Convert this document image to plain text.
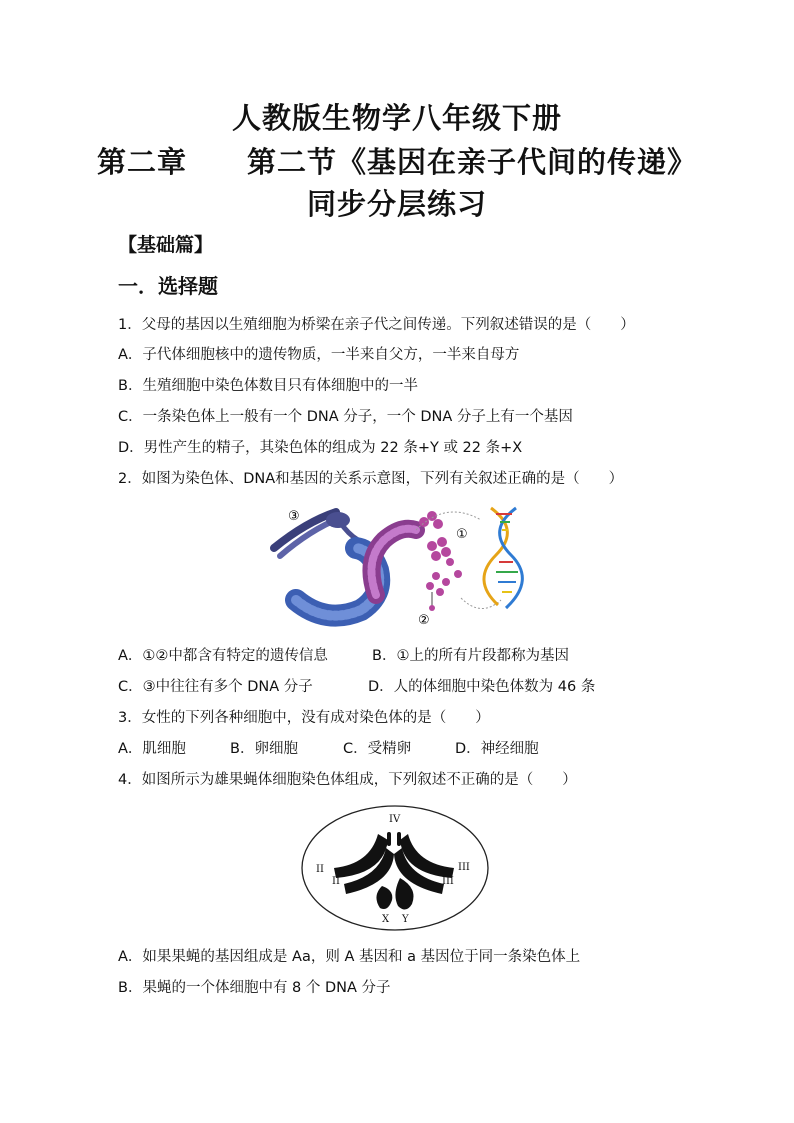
人教版生物学八年级下册
第二章　　第二节《基因在亲子代间的传递》
同步分层练习
【基础篇】
一．选择题
1．父母的基因以生殖细胞为桥梁在亲子代之间传递。下列叙述错误的是（　　）
A．子代体细胞核中的遗传物质，一半来自父方，一半来自母方
B．生殖细胞中染色体数目只有体细胞中的一半
C．一条染色体上一般有一个 DNA 分子，一个 DNA 分子上有一个基因
D．男性产生的精子，其染色体的组成为 22 条+Y 或 22 条+X
2．如图为染色体、DNA和基因的关系示意图，下列有关叙述正确的是（　　）
③
①
②
A．①②中都含有特定的遗传信息	B．①上的所有片段都称为基因
C．③中往往有多个 DNA 分子	D．人的体细胞中染色体数为 46 条
3．女性的下列各种细胞中，没有成对染色体的是（　　）
A．肌细胞	B．卵细胞	C．受精卵	D．神经细胞
4．如图所示为雄果蝇体细胞染色体组成，下列叙述不正确的是（　　）
IV
II
II
III
III
X Y
A．如果果蝇的基因组成是 Aa，则 A 基因和 a 基因位于同一条染色体上
B．果蝇的一个体细胞中有 8 个 DNA 分子
